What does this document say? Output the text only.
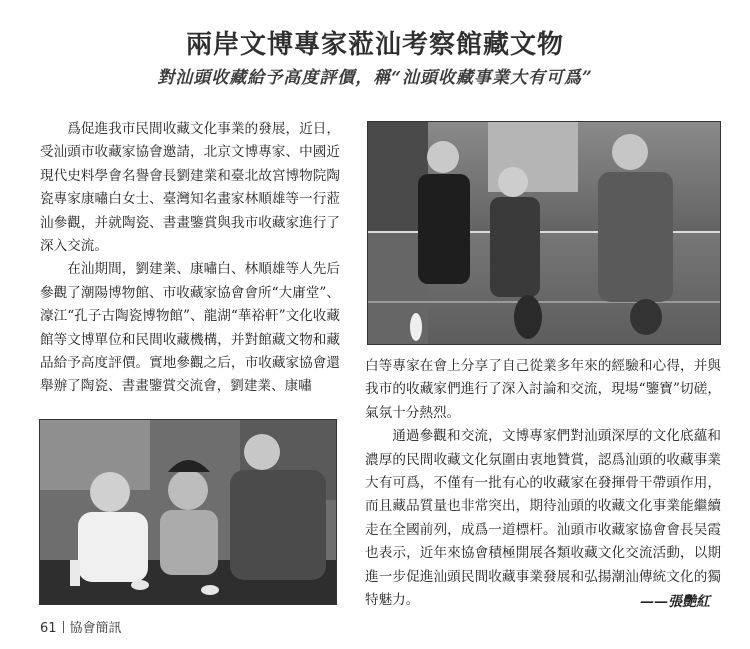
兩岸文博專家蒞汕考察館藏文物
對汕頭收藏給予高度評價，稱“汕頭收藏事業大有可爲”

爲促進我市民間收藏文化事業的發展，近日，受汕頭市收藏家協會邀請，北京文博專家、中國近現代史料學會名譽會長劉建業和臺北故宮博物院陶瓷專家康嘯白女士、臺灣知名畫家林順雄等一行蒞汕參觀，并就陶瓷、書畫鑒賞與我市收藏家進行了深入交流。

在汕期間，劉建業、康嘯白、林順雄等人先后參觀了潮陽博物館、市收藏家協會會所“大庸堂”、濠江“孔子古陶瓷博物館”、龍湖“華裕軒”文化收藏館等文博單位和民間收藏機構，并對館藏文物和藏品給予高度評價。實地參觀之后，市收藏家協會還舉辦了陶瓷、書畫鑒賞交流會，劉建業、康嘯

白等專家在會上分享了自己從業多年來的經驗和心得，并與我市的收藏家們進行了深入討論和交流，現場“鑒寶”切磋，氣氛十分熱烈。

通過參觀和交流，文博專家們對汕頭深厚的文化底蘊和濃厚的民間收藏文化氛圍由衷地贊賞，認爲汕頭的收藏事業大有可爲，不僅有一批有心的收藏家在發揮骨干帶頭作用，而且藏品質量也非常突出，期待汕頭的收藏文化事業能繼續走在全國前列，成爲一道標杆。汕頭市收藏家協會會長吴霞也表示，近年來協會積極開展各類收藏文化交流活動，以期進一步促進汕頭民間收藏事業發展和弘揚潮汕傳統文化的獨特魅力。	——張艷紅
61 協會簡訊
